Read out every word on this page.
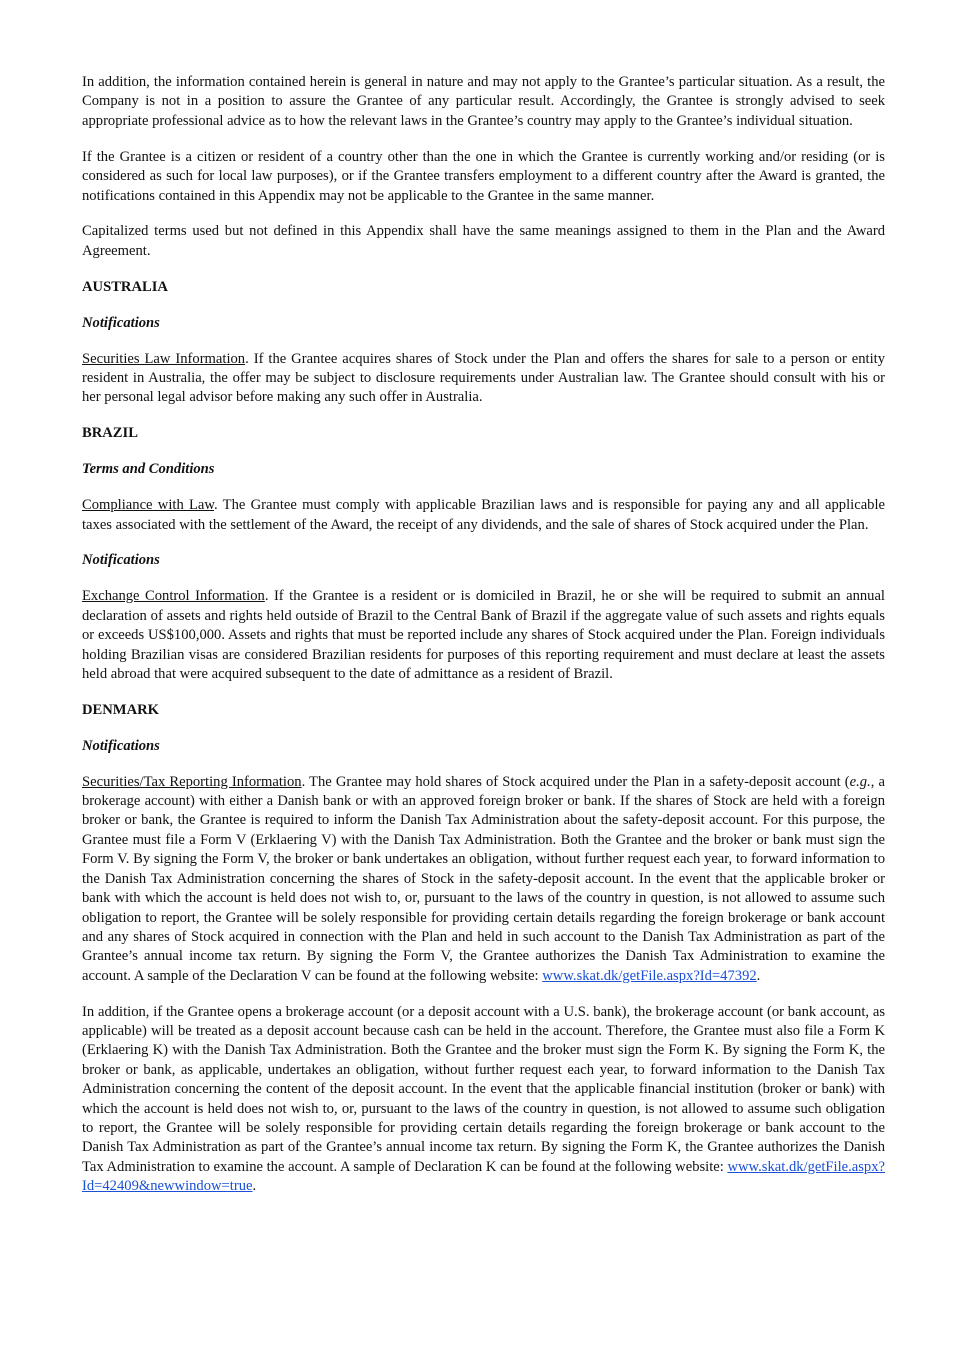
In addition, the information contained herein is general in nature and may not apply to the Grantee’s particular situation. As a result, the Company is not in a position to assure the Grantee of any particular result. Accordingly, the Grantee is strongly advised to seek appropriate professional advice as to how the relevant laws in the Grantee’s country may apply to the Grantee’s individual situation.

If the Grantee is a citizen or resident of a country other than the one in which the Grantee is currently working and/or residing (or is considered as such for local law purposes), or if the Grantee transfers employment to a different country after the Award is granted, the notifications contained in this Appendix may not be applicable to the Grantee in the same manner.

Capitalized terms used but not defined in this Appendix shall have the same meanings assigned to them in the Plan and the Award Agreement.

AUSTRALIA
Notifications

Securities Law Information. If the Grantee acquires shares of Stock under the Plan and offers the shares for sale to a person or entity resident in Australia, the offer may be subject to disclosure requirements under Australian law. The Grantee should consult with his or her personal legal advisor before making any such offer in Australia.

BRAZIL
Terms and Conditions

Compliance with Law. The Grantee must comply with applicable Brazilian laws and is responsible for paying any and all applicable taxes associated with the settlement of the Award, the receipt of any dividends, and the sale of shares of Stock acquired under the Plan.

Notifications

Exchange Control Information. If the Grantee is a resident or is domiciled in Brazil, he or she will be required to submit an annual declaration of assets and rights held outside of Brazil to the Central Bank of Brazil if the aggregate value of such assets and rights equals or exceeds US$100,000. Assets and rights that must be reported include any shares of Stock acquired under the Plan. Foreign individuals holding Brazilian visas are considered Brazilian residents for purposes of this reporting requirement and must declare at least the assets held abroad that were acquired subsequent to the date of admittance as a resident of Brazil.

DENMARK
Notifications

Securities/Tax Reporting Information. The Grantee may hold shares of Stock acquired under the Plan in a safety-deposit account (e.g., a brokerage account) with either a Danish bank or with an approved foreign broker or bank. If the shares of Stock are held with a foreign broker or bank, the Grantee is required to inform the Danish Tax Administration about the safety-deposit account. For this purpose, the Grantee must file a Form V (Erklaering V) with the Danish Tax Administration. Both the Grantee and the broker or bank must sign the Form V. By signing the Form V, the broker or bank undertakes an obligation, without further request each year, to forward information to the Danish Tax Administration concerning the shares of Stock in the safety-deposit account. In the event that the applicable broker or bank with which the account is held does not wish to, or, pursuant to the laws of the country in question, is not allowed to assume such obligation to report, the Grantee will be solely responsible for providing certain details regarding the foreign brokerage or bank account and any shares of Stock acquired in connection with the Plan and held in such account to the Danish Tax Administration as part of the Grantee’s annual income tax return. By signing the Form V, the Grantee authorizes the Danish Tax Administration to examine the account. A sample of the Declaration V can be found at the following website: www.skat.dk/getFile.aspx?Id=47392.

In addition, if the Grantee opens a brokerage account (or a deposit account with a U.S. bank), the brokerage account (or bank account, as applicable) will be treated as a deposit account because cash can be held in the account. Therefore, the Grantee must also file a Form K (Erklaering K) with the Danish Tax Administration. Both the Grantee and the broker must sign the Form K. By signing the Form K, the broker or bank, as applicable, undertakes an obligation, without further request each year, to forward information to the Danish Tax Administration concerning the content of the deposit account. In the event that the applicable financial institution (broker or bank) with which the account is held does not wish to, or, pursuant to the laws of the country in question, is not allowed to assume such obligation to report, the Grantee will be solely responsible for providing certain details regarding the foreign brokerage or bank account to the Danish Tax Administration as part of the Grantee’s annual income tax return. By signing the Form K, the Grantee authorizes the Danish Tax Administration to examine the account. A sample of Declaration K can be found at the following website: www.skat.dk/getFile.aspx?Id=42409&newwindow=true.
